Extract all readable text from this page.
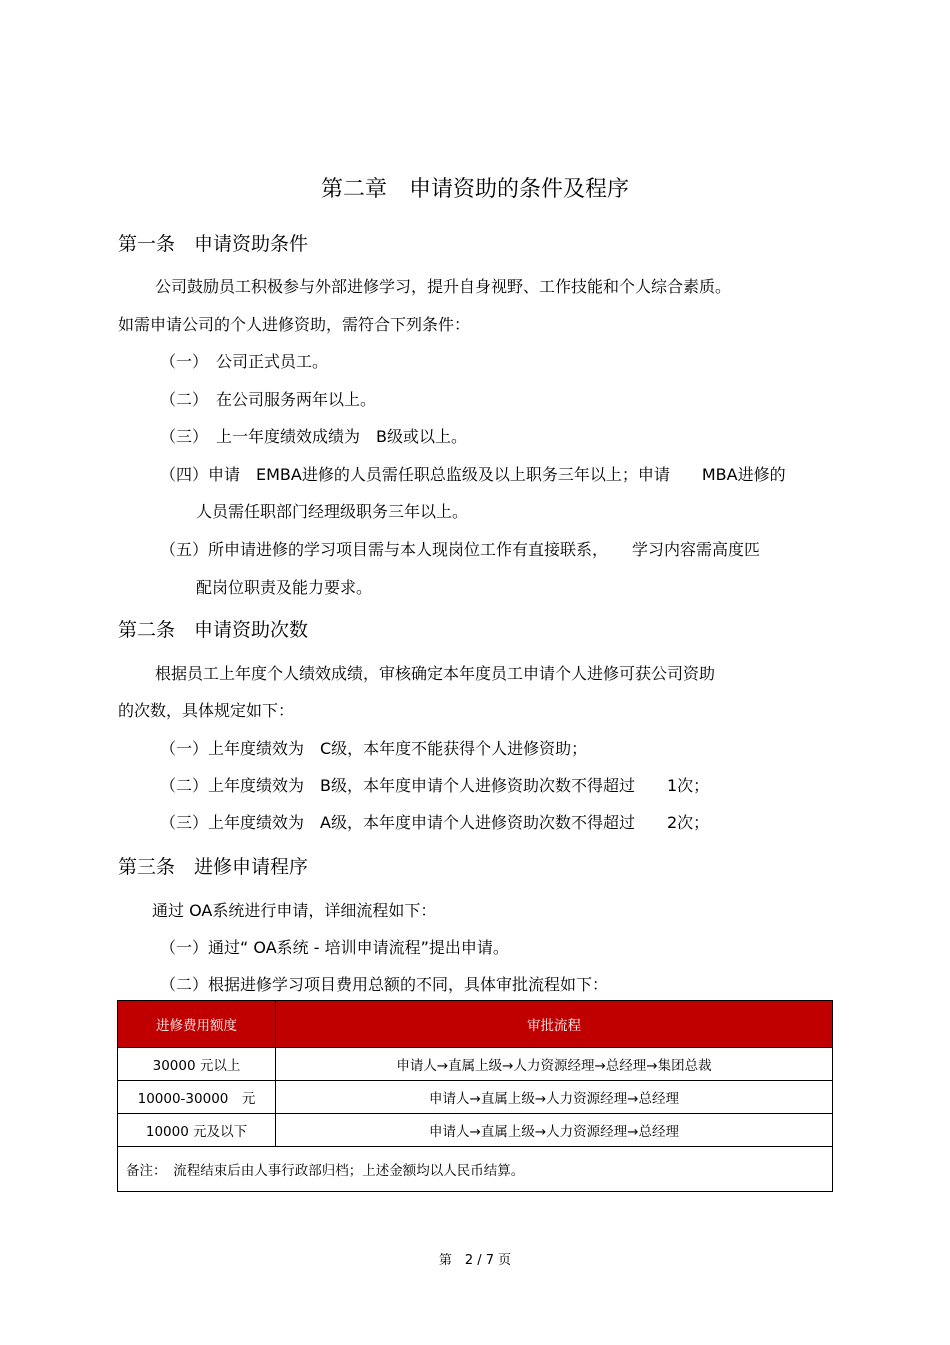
第二章　申请资助的条件及程序
第一条　申请资助条件
公司鼓励员工积极参与外部进修学习，提升自身视野、工作技能和个人综合素质。
如需申请公司的个人进修资助，需符合下列条件：
（一）　公司正式员工。
（二）　在公司服务两年以上。
（三）　上一年度绩效成绩为　B级或以上。
（四）申请　EMBA进修的人员需任职总监级及以上职务三年以上；申请　　MBA进修的
人员需任职部门经理级职务三年以上。
（五）所申请进修的学习项目需与本人现岗位工作有直接联系，　　学习内容需高度匹
配岗位职责及能力要求。
第二条　申请资助次数
根据员工上年度个人绩效成绩，审核确定本年度员工申请个人进修可获公司资助
的次数，具体规定如下：
（一）上年度绩效为　C级，本年度不能获得个人进修资助；
（二）上年度绩效为　B级，本年度申请个人进修资助次数不得超过　　1次；
（三）上年度绩效为　A级，本年度申请个人进修资助次数不得超过　　2次；
第三条　进修申请程序
通过 OA系统进行申请，详细流程如下：
（一）通过“ OA系统 - 培训申请流程”提出申请。
（二）根据进修学习项目费用总额的不同，具体审批流程如下：
进修费用额度	审批流程
30000 元以上	申请人→直属上级→人力资源经理→总经理→集团总裁
10000-30000　元	申请人→直属上级→人力资源经理→总经理
10000 元及以下	申请人→直属上级→人力资源经理→总经理
备注：　流程结束后由人事行政部归档；上述金额均以人民币结算。	
第　2 / 7 页
